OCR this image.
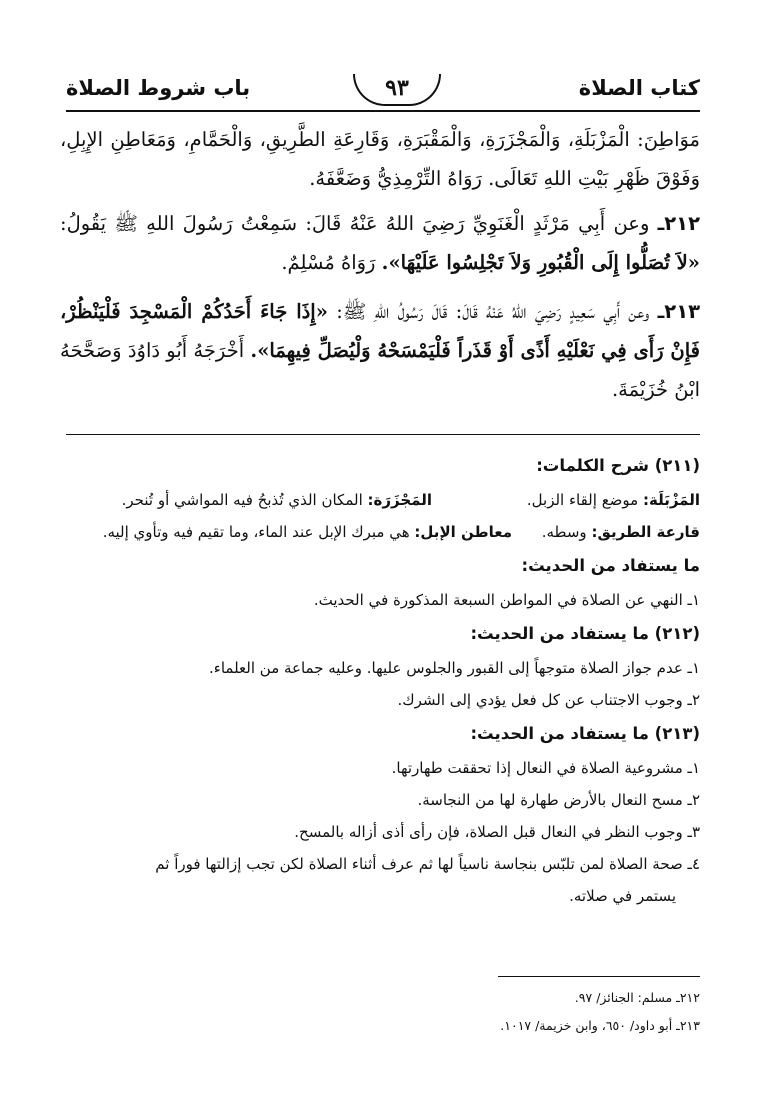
كتاب الصلاة
٩٣
باب شروط الصلاة

مَوَاطِنَ: الْمَزْبَلَةِ، وَالْمَجْزَرَةِ، وَالْمَقْبَرَةِ، وَقَارِعَةِ الطَّرِيقِ، وَالْحَمَّامِ، وَمَعَاطِنِ الإِبِلِ، وَفَوْقَ ظَهْرِ بَيْتِ اللهِ تَعَالَى. رَوَاهُ التِّرْمِذِيُّ وَضَعَّفَهُ.

٢١٢ـ وعن أَبِي مَرْثَدٍ الْغَنَوِيِّ رَضِيَ اللهُ عَنْهُ قَالَ: سَمِعْتُ رَسُولَ اللهِ ﷺ يَقُولُ: «لاَ تُصَلُّوا إِلَى الْقُبُورِ وَلاَ تَجْلِسُوا عَلَيْهَا». رَوَاهُ مُسْلِمٌ.

٢١٣ـ وعن أَبِي سَعِيدٍ رَضِيَ اللهُ عَنْهُ قَالَ: قَالَ رَسُولُ اللهِ ﷺ: «إِذَا جَاءَ أَحَدُكُمْ الْمَسْجِدَ فَلْيَنْظُرْ، فَإِنْ رَأَى فِي نَعْلَيْهِ أَذًى أَوْ قَذَراً فَلْيَمْسَحْهُ وَلْيُصَلِّ فِيهِمَا». أَخْرَجَهُ أَبُو دَاوُدَ وَصَحَّحَهُ ابْنُ خُزَيْمَةَ.

(٢١١) شرح الكلمات:

المَزْبَلَة: موضع إلقاء الزبل.
المَجْزَرَة: المكان الذي تُذبحُ فيه المواشي أو تُنحر.
قارعة الطريق: وسطه.
معاطن الإبل: هي مبرك الإبل عند الماء، وما تقيم فيه وتأوي إليه.

ما يستفاد من الحديث:

١ـ النهي عن الصلاة في المواطن السبعة المذكورة في الحديث.

(٢١٢) ما يستفاد من الحديث:

١ـ عدم جواز الصلاة متوجهاً إلى القبور والجلوس عليها. وعليه جماعة من العلماء.

٢ـ وجوب الاجتناب عن كل فعل يؤدي إلى الشرك.

(٢١٣) ما يستفاد من الحديث:

١ـ مشروعية الصلاة في النعال إذا تحققت طهارتها.

٢ـ مسح النعال بالأرض طهارة لها من النجاسة.

٣ـ وجوب النظر في النعال قبل الصلاة، فإن رأى أذى أزاله بالمسح.

٤ـ صحة الصلاة لمن تلبّس بنجاسة ناسياً لها ثم عرف أثناء الصلاة لكن تجب إزالتها فوراً ثم

يستمر في صلاته.

٢١٢ـ مسلم: الجنائز/ ٩٧.

٢١٣ـ أبو داود/ ٦٥٠، وابن خزيمة/ ١٠١٧.
